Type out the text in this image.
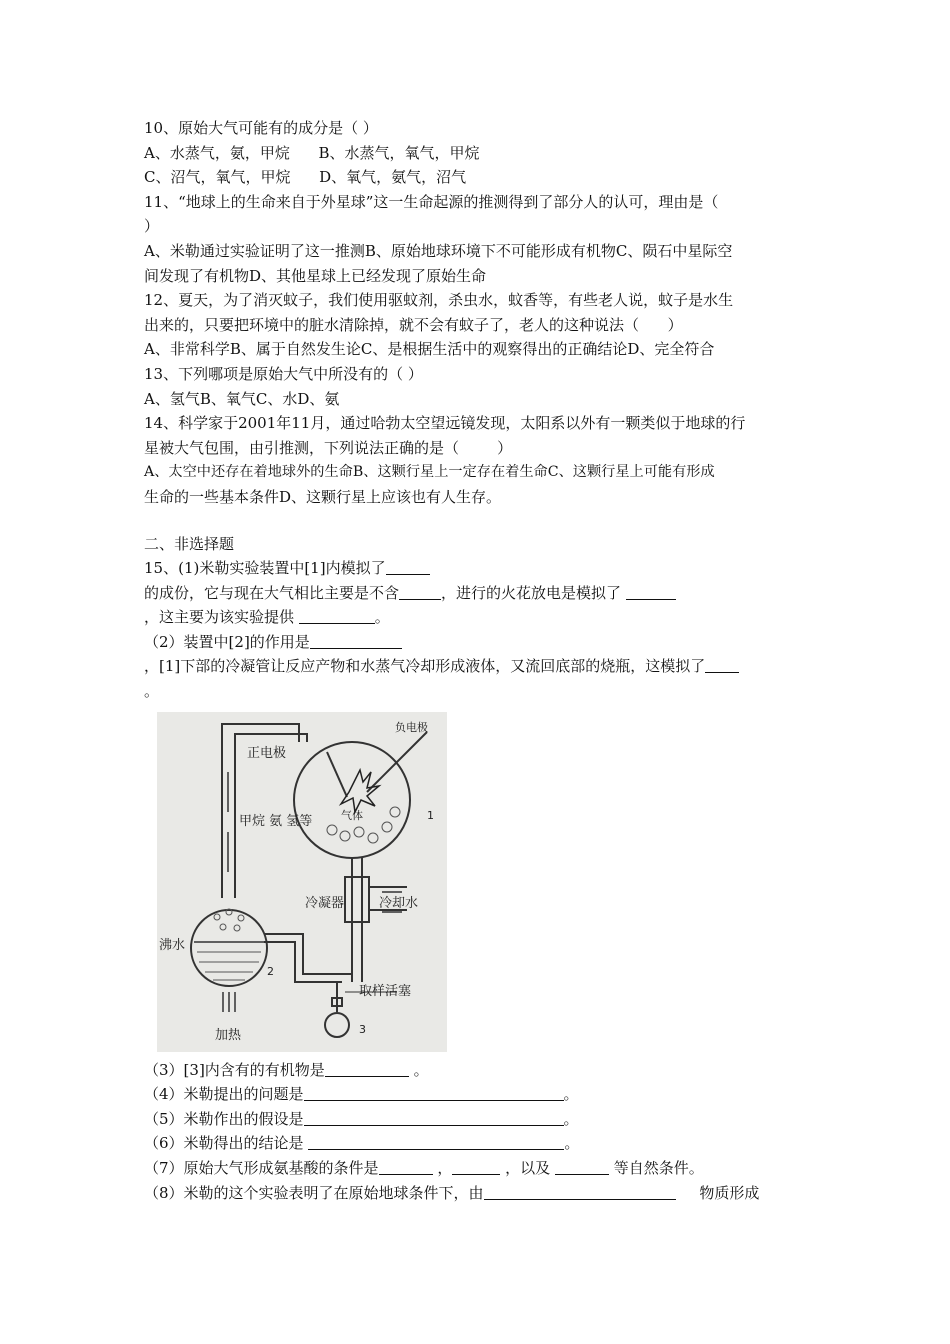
10、原始大气可能有的成分是（ ）
A、水蒸气，氨，甲烷      B、水蒸气，氧气，甲烷
C、沼气，氧气，甲烷      D、氧气，氨气，沼气
11、“地球上的生命来自于外星球”这一生命起源的推测得到了部分人的认可，理由是（
）
A、米勒通过实验证明了这一推测B、原始地球环境下不可能形成有机物C、陨石中星际空
间发现了有机物D、其他星球上已经发现了原始生命
12、夏天，为了消灭蚊子，我们使用驱蚊剂，杀虫水，蚊香等，有些老人说，蚊子是水生
出来的，只要把环境中的脏水清除掉，就不会有蚊子了，老人的这种说法（      ）
A、非常科学B、属于自然发生论C、是根据生活中的观察得出的正确结论D、完全符合
13、下列哪项是原始大气中所没有的（ ）
A、氢气B、氧气C、水D、氨
14、科学家于2001年11月，通过哈勃太空望远镜发现，太阳系以外有一颗类似于地球的行
星被大气包围，由引推测，下列说法正确的是（        ）
A、太空中还存在着地球外的生命B、这颗行星上一定存在着生命C、这颗行星上可能有形成
生命的一些基本条件D、这颗行星上应该也有人生存。
二、非选择题
15、(1)米勒实验装置中[1]内模拟了
的成份，它与现在大气相比主要是不含	，进行的火花放电是模拟了
，这主要为该实验提供	。
（2）装置中[2]的作用是
，[1]下部的冷凝管让反应产物和水蒸气冷却形成液体，又流回底部的烧瓶，这模拟了
。
负电极
正电极
气体	1
甲烷 氨 氢等
冷凝器	冷却水
沸水
2
取样活塞
加热	3
（3）[3]内含有的有机物是	。
（4）米勒提出的问题是	。
（5）米勒作出的假设是	。
（6）米勒得出的结论是	。
（7）原始大气形成氨基酸的条件是	，	，以及	等自然条件。
（8）米勒的这个实验表明了在原始地球条件下，由	物质形成
